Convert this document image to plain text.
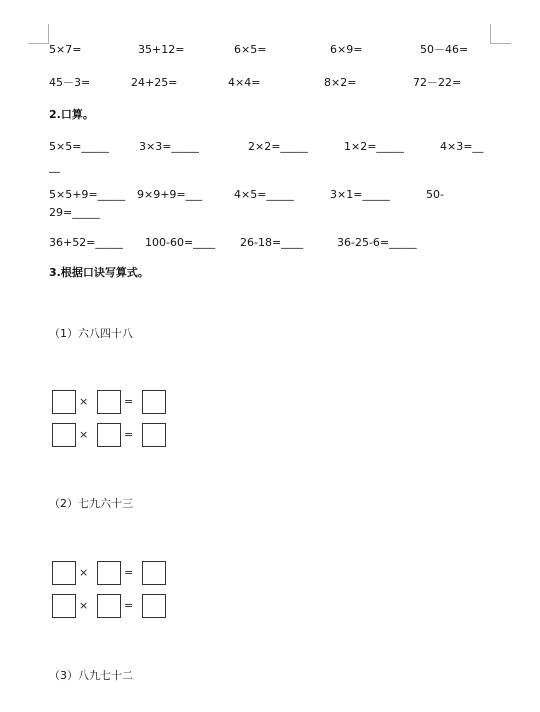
5×7=	35+12=	6×5=	6×9=	50－46=
45－3=	24+25=	4×4=	8×2=	72－22=
2.口算。
5×5=_____	3×3=_____	2×2=_____	1×2=_____	4×3=__
__
5×5+9=_____ 9×9+9=___	4×5=_____	3×1=_____	50-
29=_____
36+52=_____ 100-60=____ 26-18=____	36-25-6=_____
3.根据口诀写算式。
（1）六八四十八
×	=
×	=
（2）七九六十三
×	=
×	=
（3）八九七十二
